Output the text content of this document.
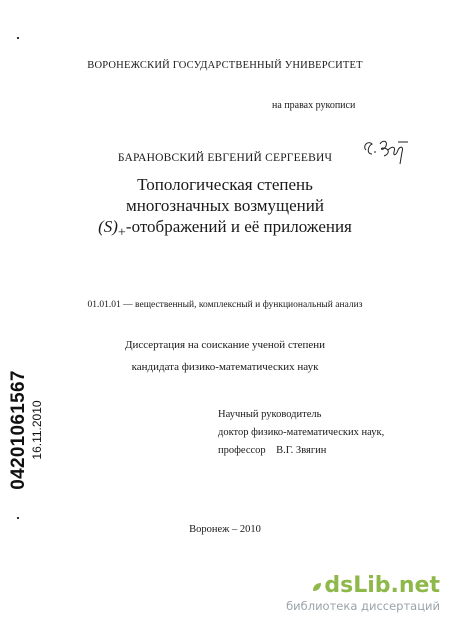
ВОРОНЕЖСКИЙ ГОСУДАРСТВЕННЫЙ УНИВЕРСИТЕТ
на правах рукописи
БАРАНОВСКИЙ ЕВГЕНИЙ СЕРГЕЕВИЧ
Топологическая степень
многозначных возмущений
$(S)_+$-отображений и её приложения
01.01.01 — вещественный, комплексный и функциональный анализ
Диссертация на соискание ученой степени
кандидата физико-математических наук
Научный руководитель
доктор физико-математических наук,
профессор В.Г. Звягин
Воронеж – 2010
04201061567 16.11.2010
dsLib.net
библиотека диссертаций
